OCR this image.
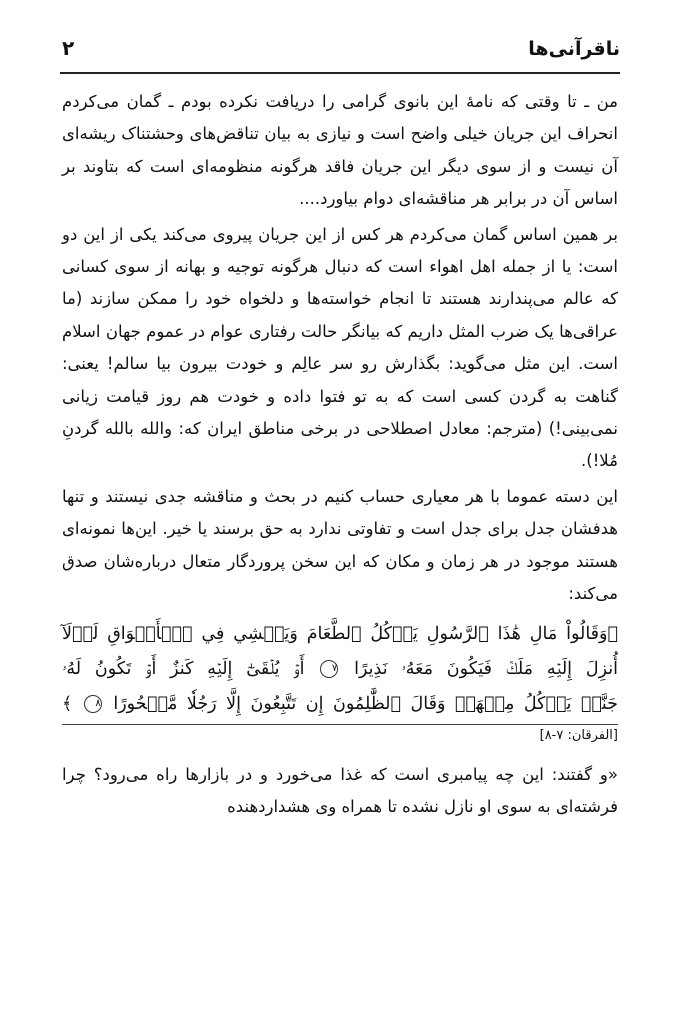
ناقرآنی‌ها
۲

من ـ تا وقتی که نامۀ این بانوی گرامی را دریافت نکرده بودم ـ گمان می‌کردم انحراف این جریان خیلی واضح است و نیازی به بیان تناقض‌های وحشتناک ریشه‌ای آن نیست و از سوی دیگر این جریان فاقد هرگونه منظومه‌ای است که بتاوند بر اساس آن در برابر هر مناقشه‌ای دوام بیاورد....

بر همین اساس گمان می‌کردم هر کس از این جریان پیروی می‌کند یکی از این دو است: یا از جمله اهل اهواء است که دنبال هرگونه توجیه و بهانه از سوی کسانی که عالم می‌پندارند هستند تا انجام خواسته‌ها و دلخواه خود را ممکن سازند (ما عراقی‌ها یک ضرب المثل داریم که بیانگر حالت رفتاری عوام در عموم جهان اسلام است. این مثل می‌گوید: بگذارش رو سر عالِم و خودت بیرون بیا سالم! یعنی: گناهت به گردن کسی است که به تو فتوا داده و خودت هم روز قیامت زیانی نمی‌بینی!) (مترجم: معادل اصطلاحی در برخی مناطق ایران که: والله بالله گردنِ مُلا!).

این دسته عموما با هر معیاری حساب کنیم در بحث و مناقشه جدی نیستند و تنها هدفشان جدل برای جدل است و تفاوتی ندارد به حق برسند یا خیر. این‌ها نمونه‌ای هستند موجود در هر زمان و مکان که این سخن پروردگار متعال درباره‌شان صدق می‌کند:

﴿وَقَالُواْ مَالِ هَٰذَا ٱلرَّسُولِ يَأۡكُلُ ٱلطَّعَامَ وَيَمۡشِي فِي ٱلۡأَسۡوَاقِ لَوۡلَآ
أُنزِلَ إِلَيۡهِ مَلَكٞ فَيَكُونَ مَعَهُۥ نَذِيرًا ٧ أَوۡ يُلۡقَىٰٓ إِلَيۡهِ كَنزٌ أَوۡ تَكُونُ لَهُۥ
جَنَّةٞ يَأۡكُلُ مِنۡهَاۚ وَقَالَ ٱلظَّٰلِمُونَ إِن تَتَّبِعُونَ إِلَّا رَجُلٗا مَّسۡحُورًا ٨ ﴾
[الفرقان: ۷-۸]

«و گفتند: این چه پیامبری است که غذا می‌خورد و در بازارها راه می‌رود؟ چرا فرشته‌ای به سوی او نازل نشده تا همراه وی هشداردهنده
